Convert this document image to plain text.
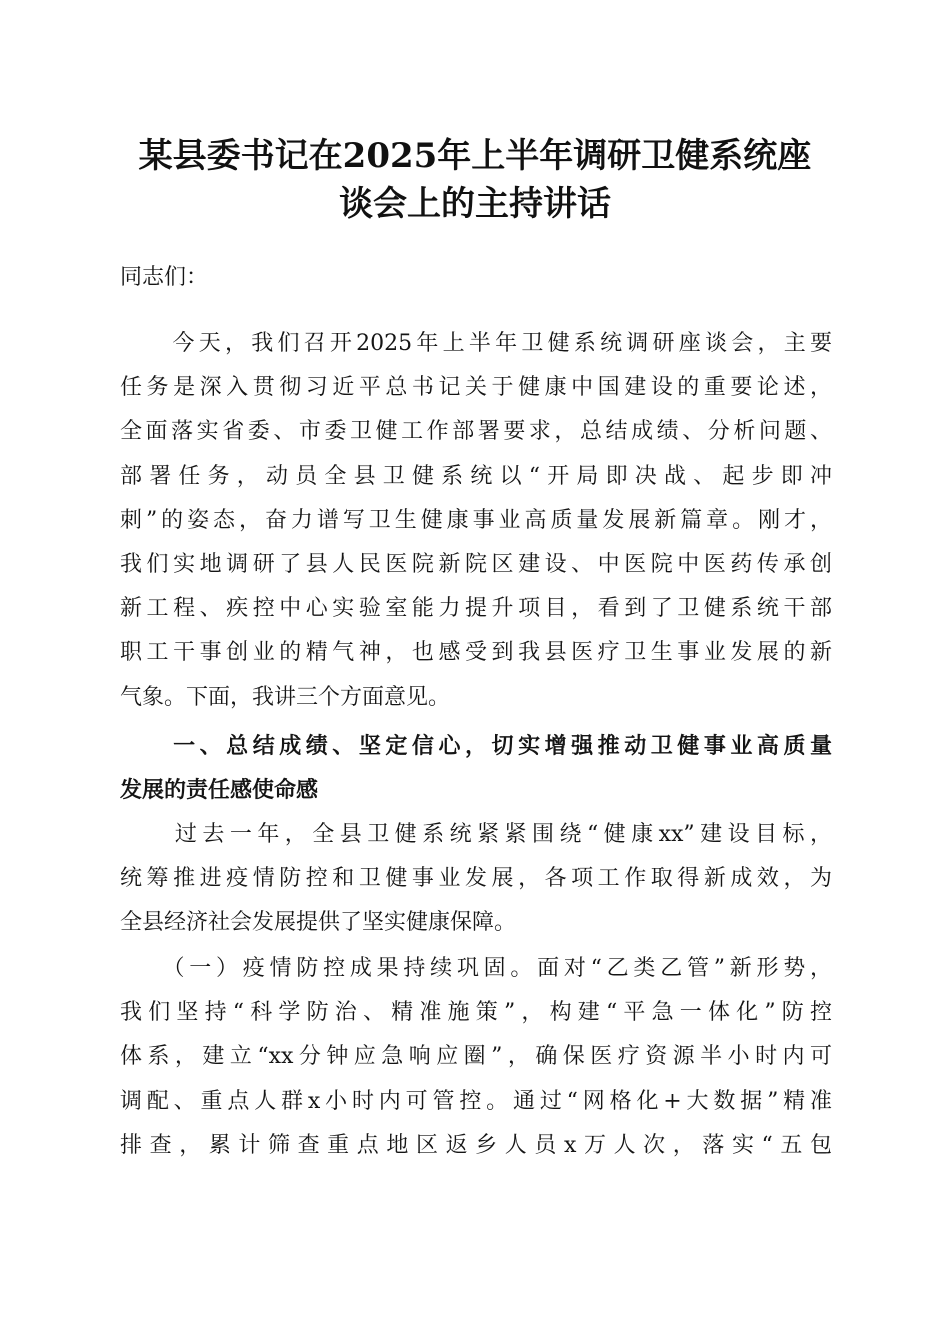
某县委书记在2025年上半年调研卫健系统座
谈会上的主持讲话

同志们：

　　今天，我们召开2025年上半年卫健系统调研座谈会，主要
任务是深入贯彻习近平总书记关于健康中国建设的重要论述，
全面落实省委、市委卫健工作部署要求，总结成绩、分析问题、
部署任务，动员全县卫健系统以“开局即决战、起步即冲
刺”的姿态，奋力谱写卫生健康事业高质量发展新篇章。刚才，
我们实地调研了县人民医院新院区建设、中医院中医药传承创
新工程、疾控中心实验室能力提升项目，看到了卫健系统干部
职工干事创业的精气神，也感受到我县医疗卫生事业发展的新
气象。下面，我讲三个方面意见。

　　一、总结成绩、坚定信心，切实增强推动卫健事业高质量
发展的责任感使命感

　　过去一年，全县卫健系统紧紧围绕“健康xx”建设目标，
统筹推进疫情防控和卫健事业发展，各项工作取得新成效，为
全县经济社会发展提供了坚实健康保障。

　　（一）疫情防控成果持续巩固。面对“乙类乙管”新形势，
我们坚持“科学防治、精准施策”，构建“平急一体化”防控
体系，建立“xx分钟应急响应圈”，确保医疗资源半小时内可
调配、重点人群x小时内可管控。通过“网格化+大数据”精准
排查，累计筛查重点地区返乡人员x万人次，落实“五包
